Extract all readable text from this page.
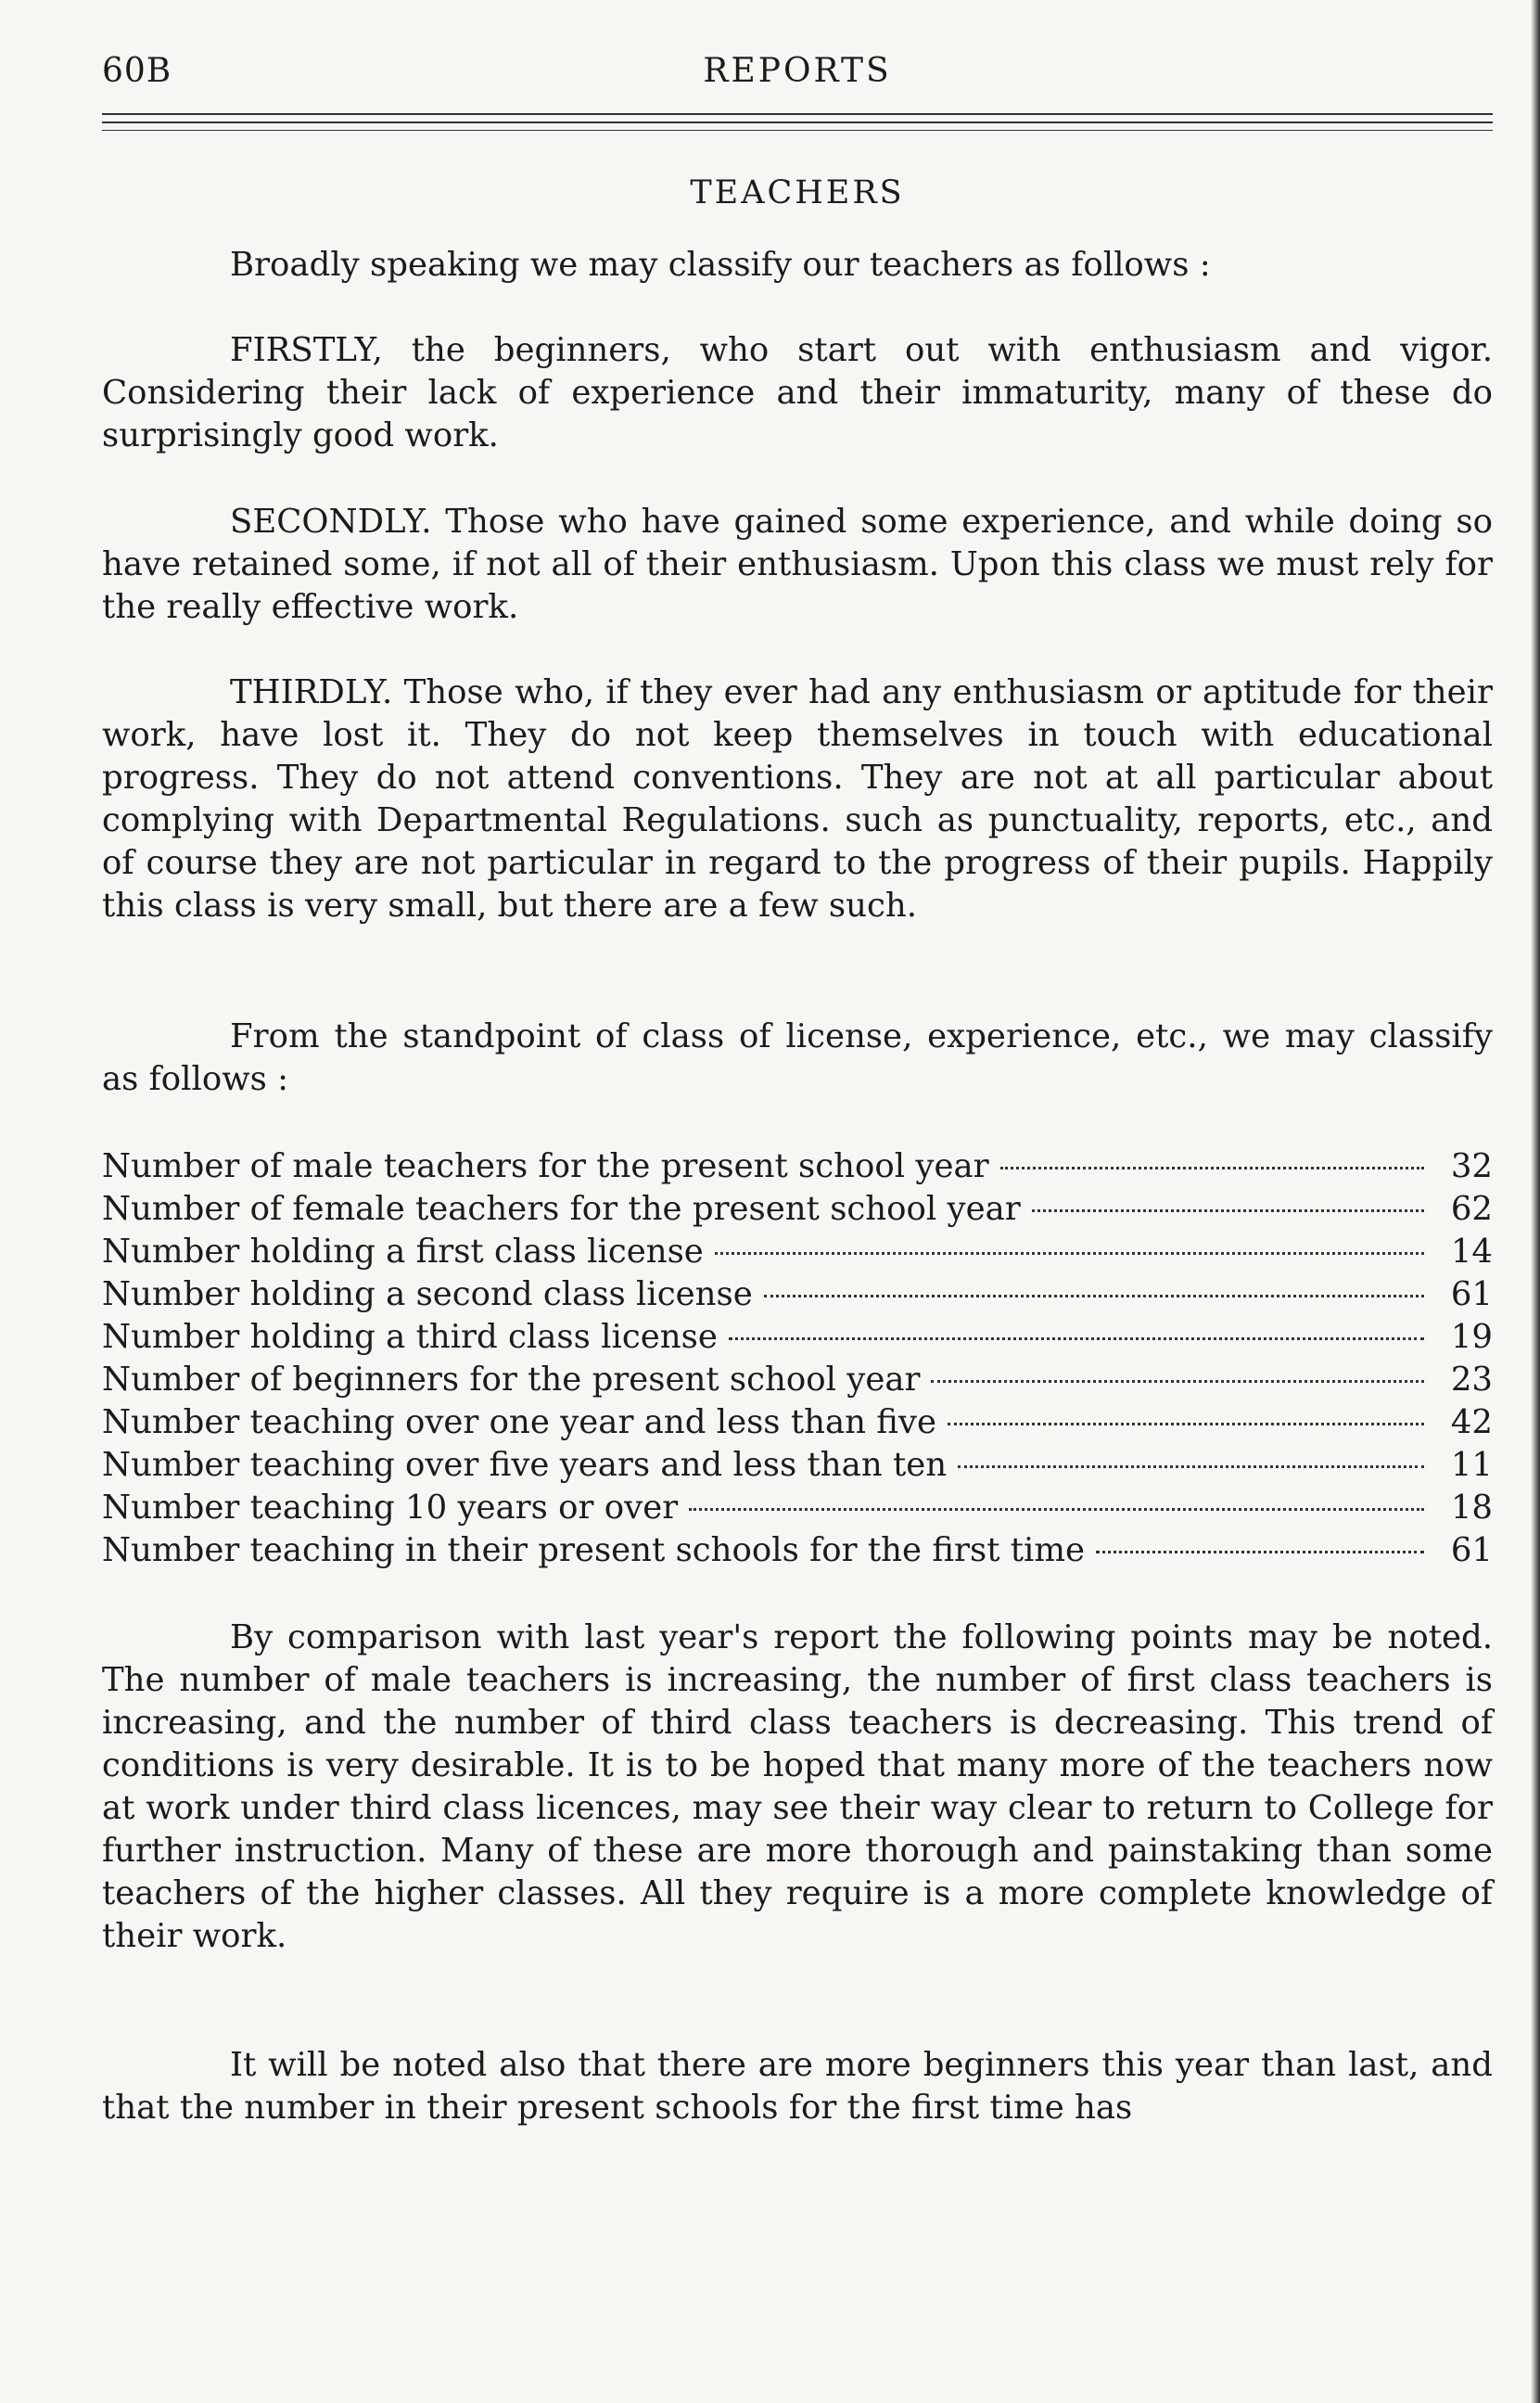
60B	REPORTS
TEACHERS

Broadly speaking we may classify our teachers as follows :

FIRSTLY, the beginners, who start out with enthusiasm and vigor. Considering their lack of experience and their immaturity, many of these do surprisingly good work.

SECONDLY. Those who have gained some experience, and while doing so have retained some, if not all of their enthusiasm. Upon this class we must rely for the really effective work.

THIRDLY. Those who, if they ever had any enthusiasm or aptitude for their work, have lost it. They do not keep themselves in touch with educational progress. They do not attend conventions. They are not at all particular about complying with Departmental Regulations. such as punctuality, reports, etc., and of course they are not particular in regard to the progress of their pupils. Happily this class is very small, but there are a few such.

From the standpoint of class of license, experience, etc., we may classify as follows :

Number of male teachers for the present school year	32
Number of female teachers for the present school year	62
Number holding a first class license	14
Number holding a second class license	61
Number holding a third class license	19
Number of beginners for the present school year	23
Number teaching over one year and less than five	42
Number teaching over five years and less than ten	11
Number teaching 10 years or over	18
Number teaching in their present schools for the first time	61

By comparison with last year's report the following points may be noted. The number of male teachers is increasing, the number of first class teachers is increasing, and the number of third class teachers is decreasing. This trend of conditions is very desirable. It is to be hoped that many more of the teachers now at work under third class licences, may see their way clear to return to College for further instruction. Many of these are more thorough and painstaking than some teachers of the higher classes. All they require is a more complete knowledge of their work.

It will be noted also that there are more beginners this year than last, and that the number in their present schools for the first time has
